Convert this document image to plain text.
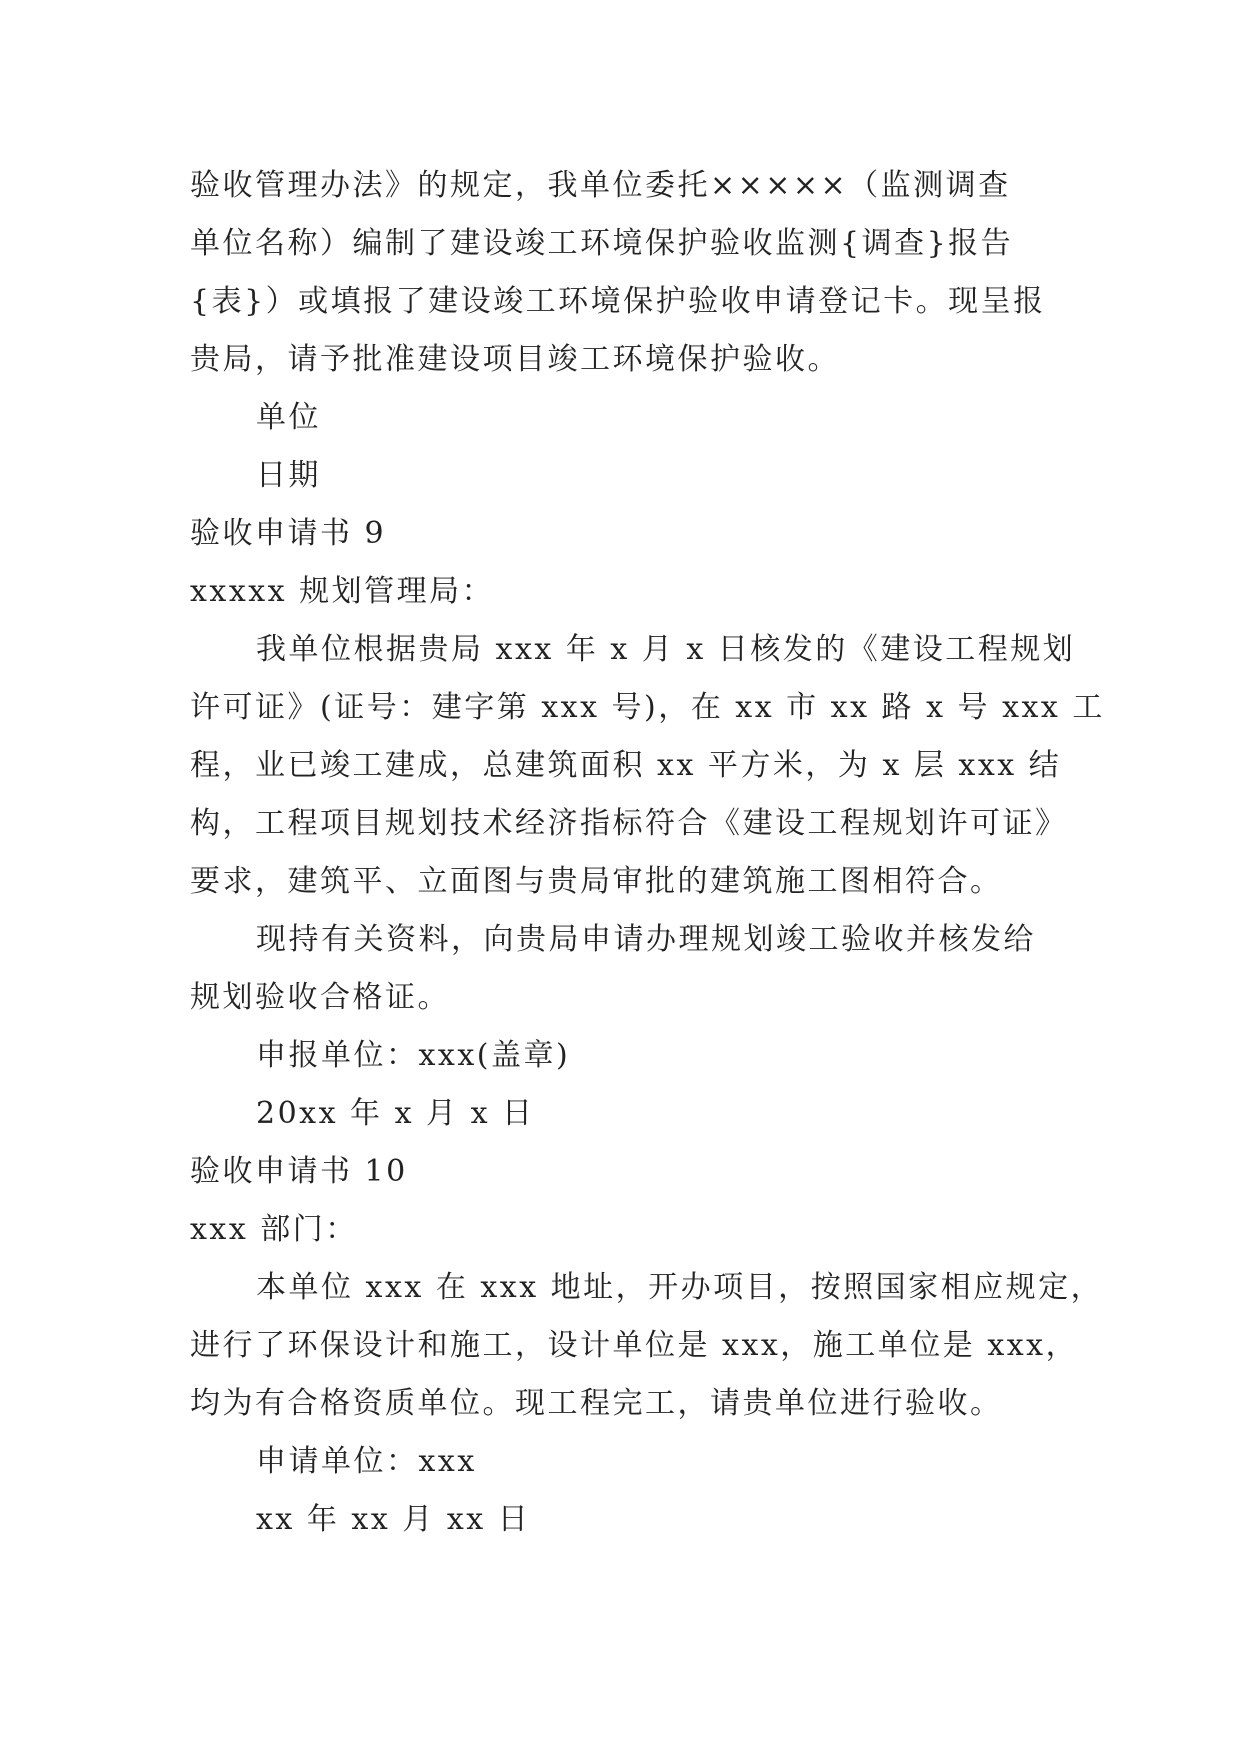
验收管理办法》的规定，我单位委托×××××（监测调查
单位名称）编制了建设竣工环境保护验收监测{调查}报告
{表}）或填报了建设竣工环境保护验收申请登记卡。现呈报
贵局，请予批准建设项目竣工环境保护验收。
单位
日期
验收申请书 9
xxxxx 规划管理局：
我单位根据贵局 xxx 年 x 月 x 日核发的《建设工程规划
许可证》(证号：建字第 xxx 号)，在 xx 市 xx 路 x 号 xxx 工
程，业已竣工建成，总建筑面积 xx 平方米，为 x 层 xxx 结
构，工程项目规划技术经济指标符合《建设工程规划许可证》
要求，建筑平、立面图与贵局审批的建筑施工图相符合。
现持有关资料，向贵局申请办理规划竣工验收并核发给
规划验收合格证。
申报单位：xxx(盖章)
20xx 年 x 月 x 日
验收申请书 10
xxx 部门：
本单位 xxx 在 xxx 地址，开办项目，按照国家相应规定，
进行了环保设计和施工，设计单位是 xxx，施工单位是 xxx，
均为有合格资质单位。现工程完工，请贵单位进行验收。
申请单位：xxx
xx 年 xx 月 xx 日
